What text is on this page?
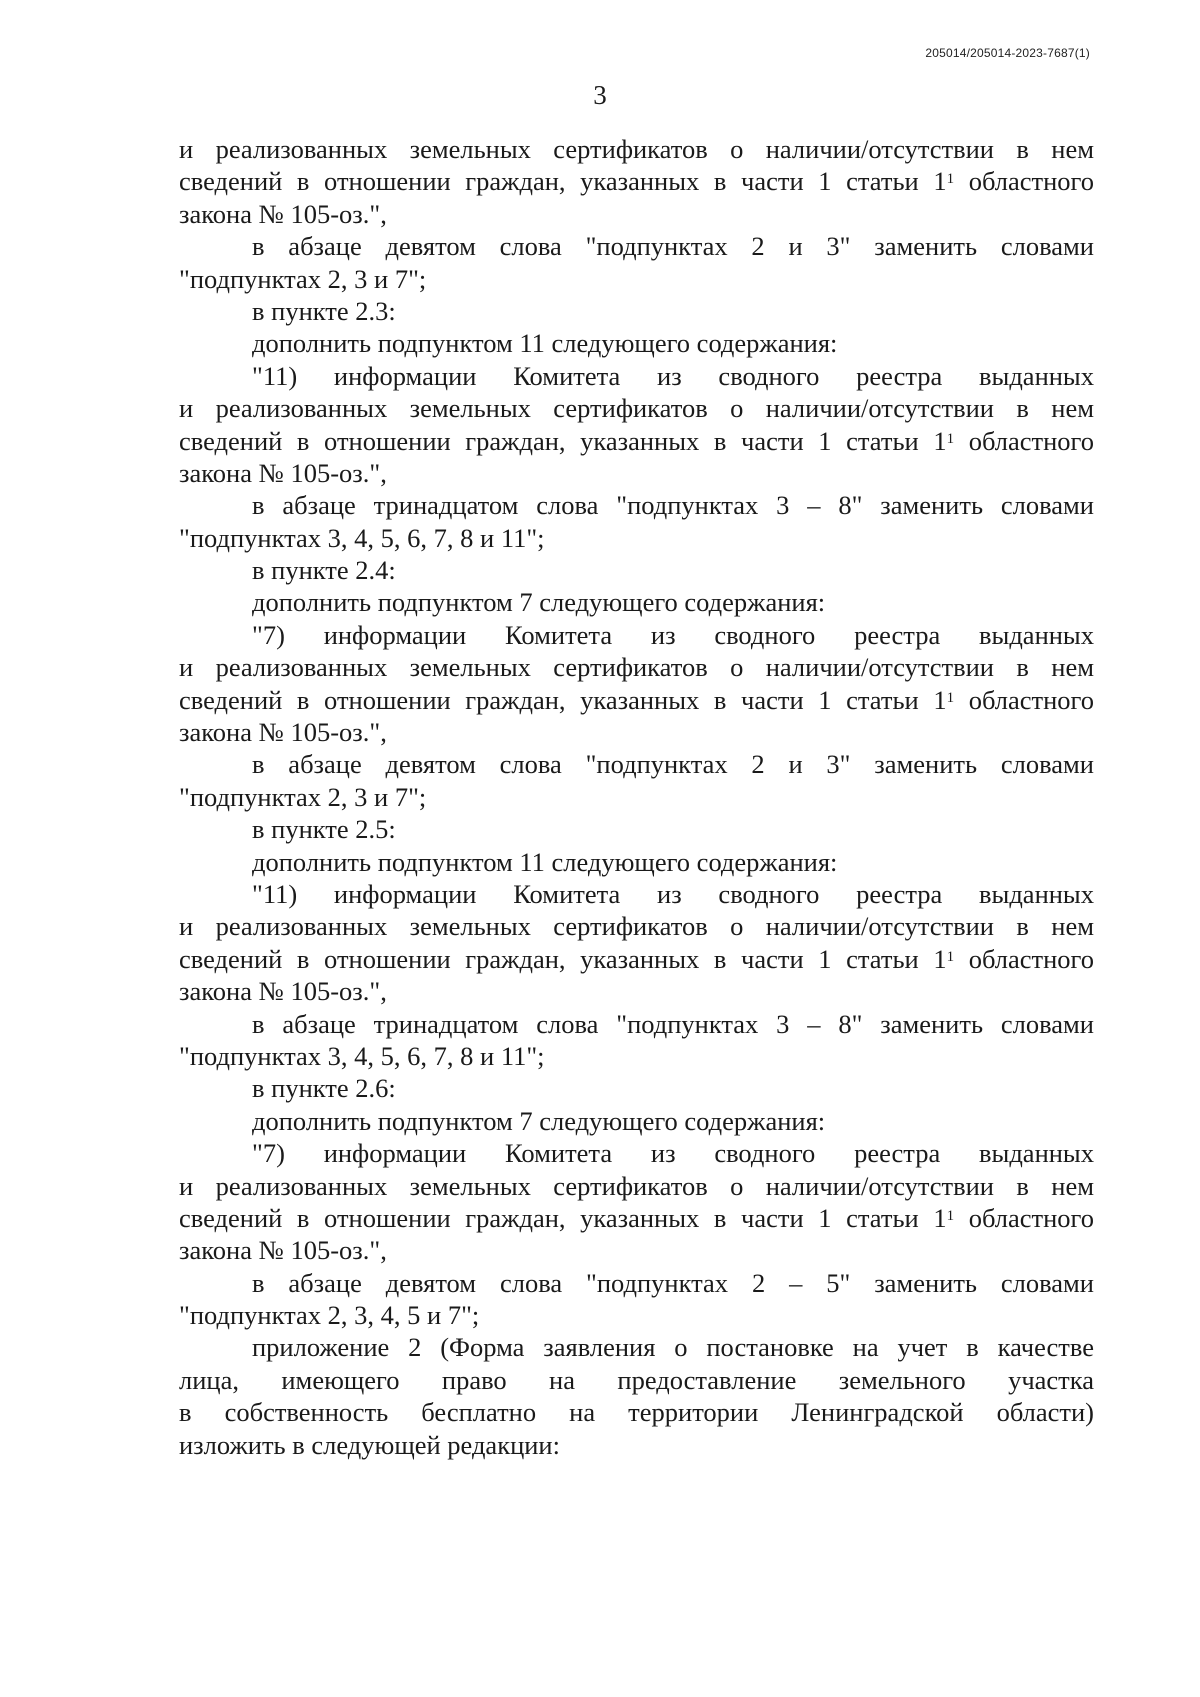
205014/205014-2023-7687(1)
3
и реализованных земельных сертификатов о наличии/отсутствии в нем
сведений в отношении граждан, указанных в части 1 статьи $1^1$ областного
закона № 105-оз.",
в абзаце девятом слова "подпунктах 2 и 3" заменить словами
"подпунктах 2, 3 и 7";
в пункте 2.3:
дополнить подпунктом 11 следующего содержания:
"11) информации Комитета из сводного реестра выданных
и реализованных земельных сертификатов о наличии/отсутствии в нем
сведений в отношении граждан, указанных в части 1 статьи $1^1$ областного
закона № 105-оз.",
в абзаце тринадцатом слова "подпунктах 3 – 8" заменить словами
"подпунктах 3, 4, 5, 6, 7, 8 и 11";
в пункте 2.4:
дополнить подпунктом 7 следующего содержания:
"7) информации Комитета из сводного реестра выданных
и реализованных земельных сертификатов о наличии/отсутствии в нем
сведений в отношении граждан, указанных в части 1 статьи $1^1$ областного
закона № 105-оз.",
в абзаце девятом слова "подпунктах 2 и 3" заменить словами
"подпунктах 2, 3 и 7";
в пункте 2.5:
дополнить подпунктом 11 следующего содержания:
"11) информации Комитета из сводного реестра выданных
и реализованных земельных сертификатов о наличии/отсутствии в нем
сведений в отношении граждан, указанных в части 1 статьи $1^1$ областного
закона № 105-оз.",
в абзаце тринадцатом слова "подпунктах 3 – 8" заменить словами
"подпунктах 3, 4, 5, 6, 7, 8 и 11";
в пункте 2.6:
дополнить подпунктом 7 следующего содержания:
"7) информации Комитета из сводного реестра выданных
и реализованных земельных сертификатов о наличии/отсутствии в нем
сведений в отношении граждан, указанных в части 1 статьи $1^1$ областного
закона № 105-оз.",
в абзаце девятом слова "подпунктах 2 – 5" заменить словами
"подпунктах 2, 3, 4, 5 и 7";
приложение 2 (Форма заявления о постановке на учет в качестве
лица, имеющего право на предоставление земельного участка
в собственность бесплатно на территории Ленинградской области)
изложить в следующей редакции:
